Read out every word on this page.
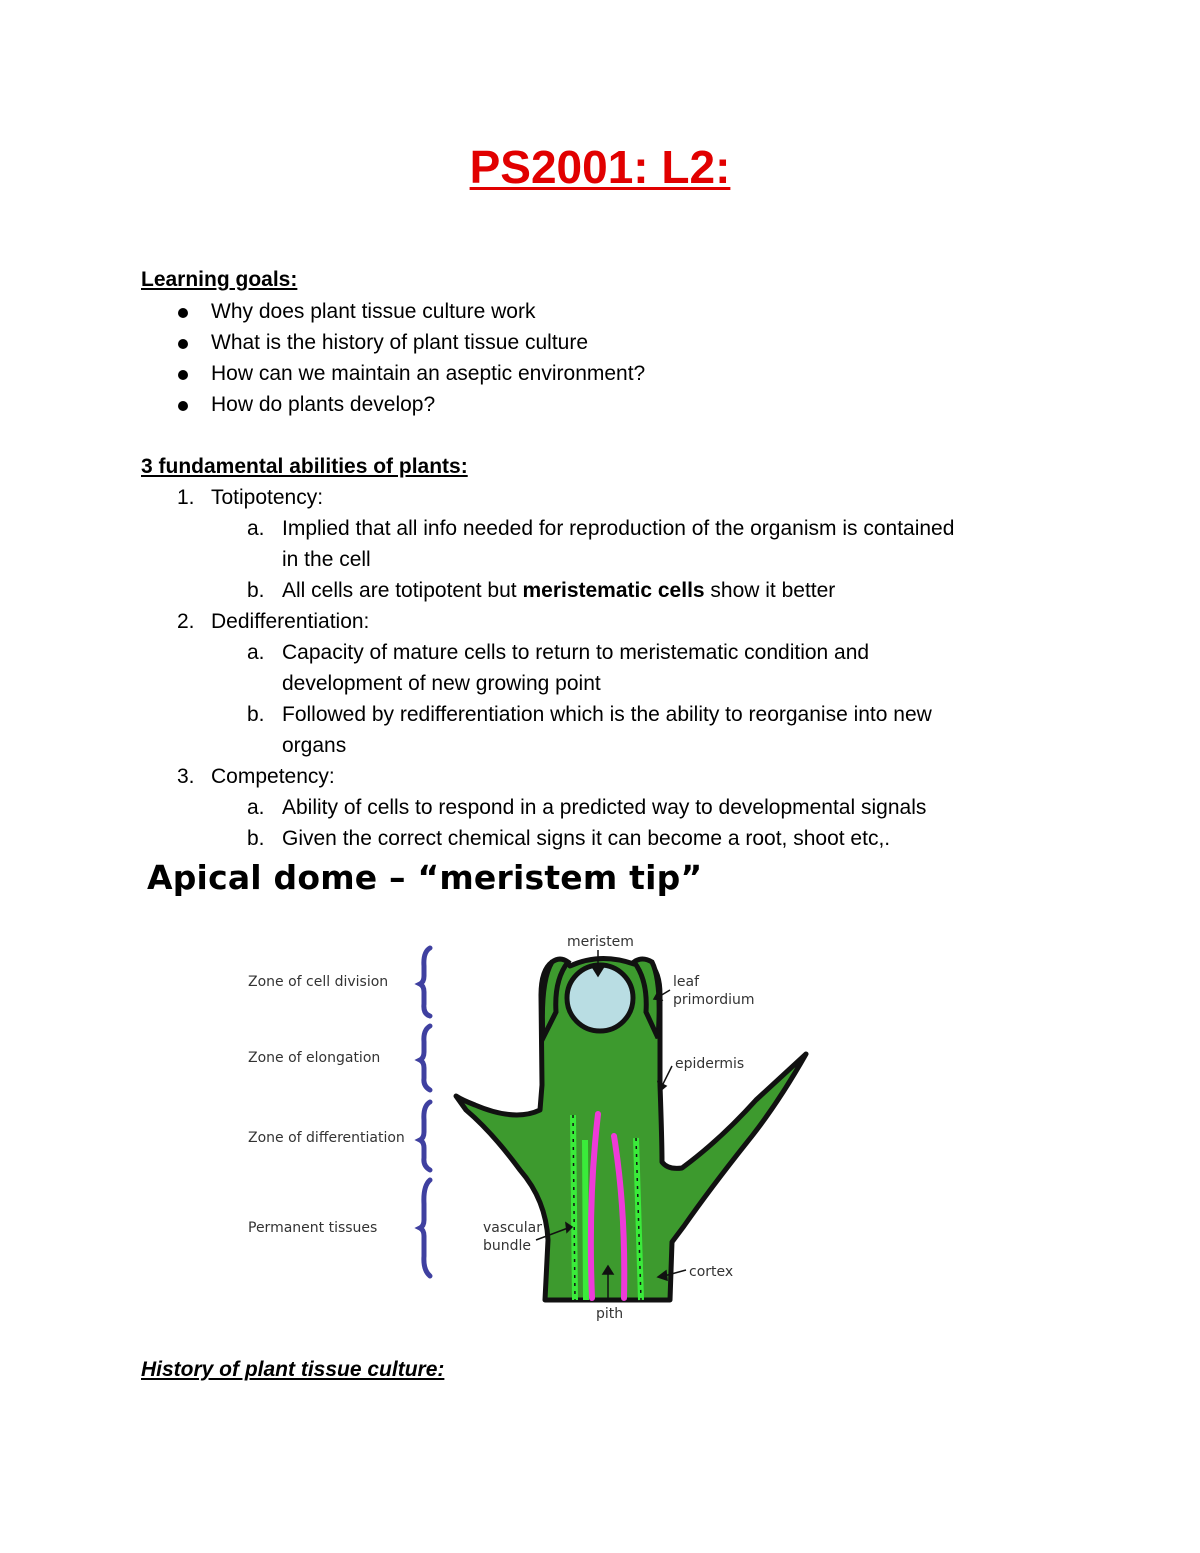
PS2001: L2:
Learning goals:
Why does plant tissue culture work
What is the history of plant tissue culture
How can we maintain an aseptic environment?
How do plants develop?
3 fundamental abilities of plants:
1. Totipotency:
a. Implied that all info needed for reproduction of the organism is contained
in the cell
b. All cells are totipotent but meristematic cells show it better
2. Dedifferentiation:
a. Capacity of mature cells to return to meristematic condition and
development of new growing point
b. Followed by redifferentiation which is the ability to reorganise into new
organs
3. Competency:
a. Ability of cells to respond in a predicted way to developmental signals
b. Given the correct chemical signs it can become a root, shoot etc,.
Apical dome – “meristem tip”
Zone of cell division
Zone of elongation
Zone of differentiation
Permanent tissues
meristem
leaf
primordium
epidermis
vascular
bundle
cortex
pith
History of plant tissue culture:
